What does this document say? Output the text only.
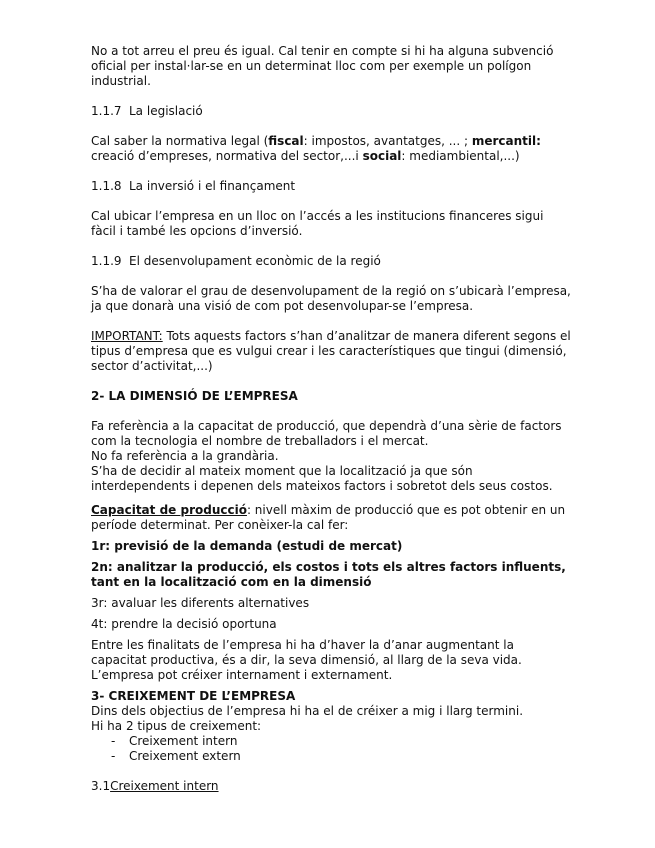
No a tot arreu el preu és igual. Cal tenir en compte si hi ha alguna subvenció oficial per instal·lar-se en un determinat lloc com per exemple un polígon industrial.

1.1.7 La legislació

Cal saber la normativa legal (fiscal: impostos, avantatges, ... ; mercantil: creació d’empreses, normativa del sector,...i social: mediambiental,...)

1.1.8 La inversió i el finançament

Cal ubicar l’empresa en un lloc on l’accés a les institucions financeres sigui fàcil i també les opcions d’inversió.

1.1.9 El desenvolupament econòmic de la regió

S’ha de valorar el grau de desenvolupament de la regió on s’ubicarà l’empresa, ja que donarà una visió de com pot desenvolupar-se l’empresa.

IMPORTANT: Tots aquests factors s’han d’analitzar de manera diferent segons el tipus d’empresa que es vulgui crear i les característiques que tingui (dimensió, sector d’activitat,...)

2- LA DIMENSIÓ DE L’EMPRESA

Fa referència a la capacitat de producció, que dependrà d’una sèrie de factors com la tecnologia el nombre de treballadors i el mercat.

No fa referència a la grandària.

S’ha de decidir al mateix moment que la localització ja que són interdependents i depenen dels mateixos factors i sobretot dels seus costos.

Capacitat de producció: nivell màxim de producció que es pot obtenir en un període determinat. Per conèixer-la cal fer:

1r: previsió de la demanda (estudi de mercat)

2n: analitzar la producció, els costos i tots els altres factors influents, tant en la localització com en la dimensió

3r: avaluar les diferents alternatives

4t: prendre la decisió oportuna

Entre les finalitats de l’empresa hi ha d’haver la d’anar augmentant la capacitat productiva, és a dir, la seva dimensió, al llarg de la seva vida.

L’empresa pot créixer internament i externament.

3- CREIXEMENT DE L’EMPRESA

Dins dels objectius de l’empresa hi ha el de créixer a mig i llarg termini.

Hi ha 2 tipus de creixement:

- Creixement intern
- Creixement extern

3.1Creixement intern
